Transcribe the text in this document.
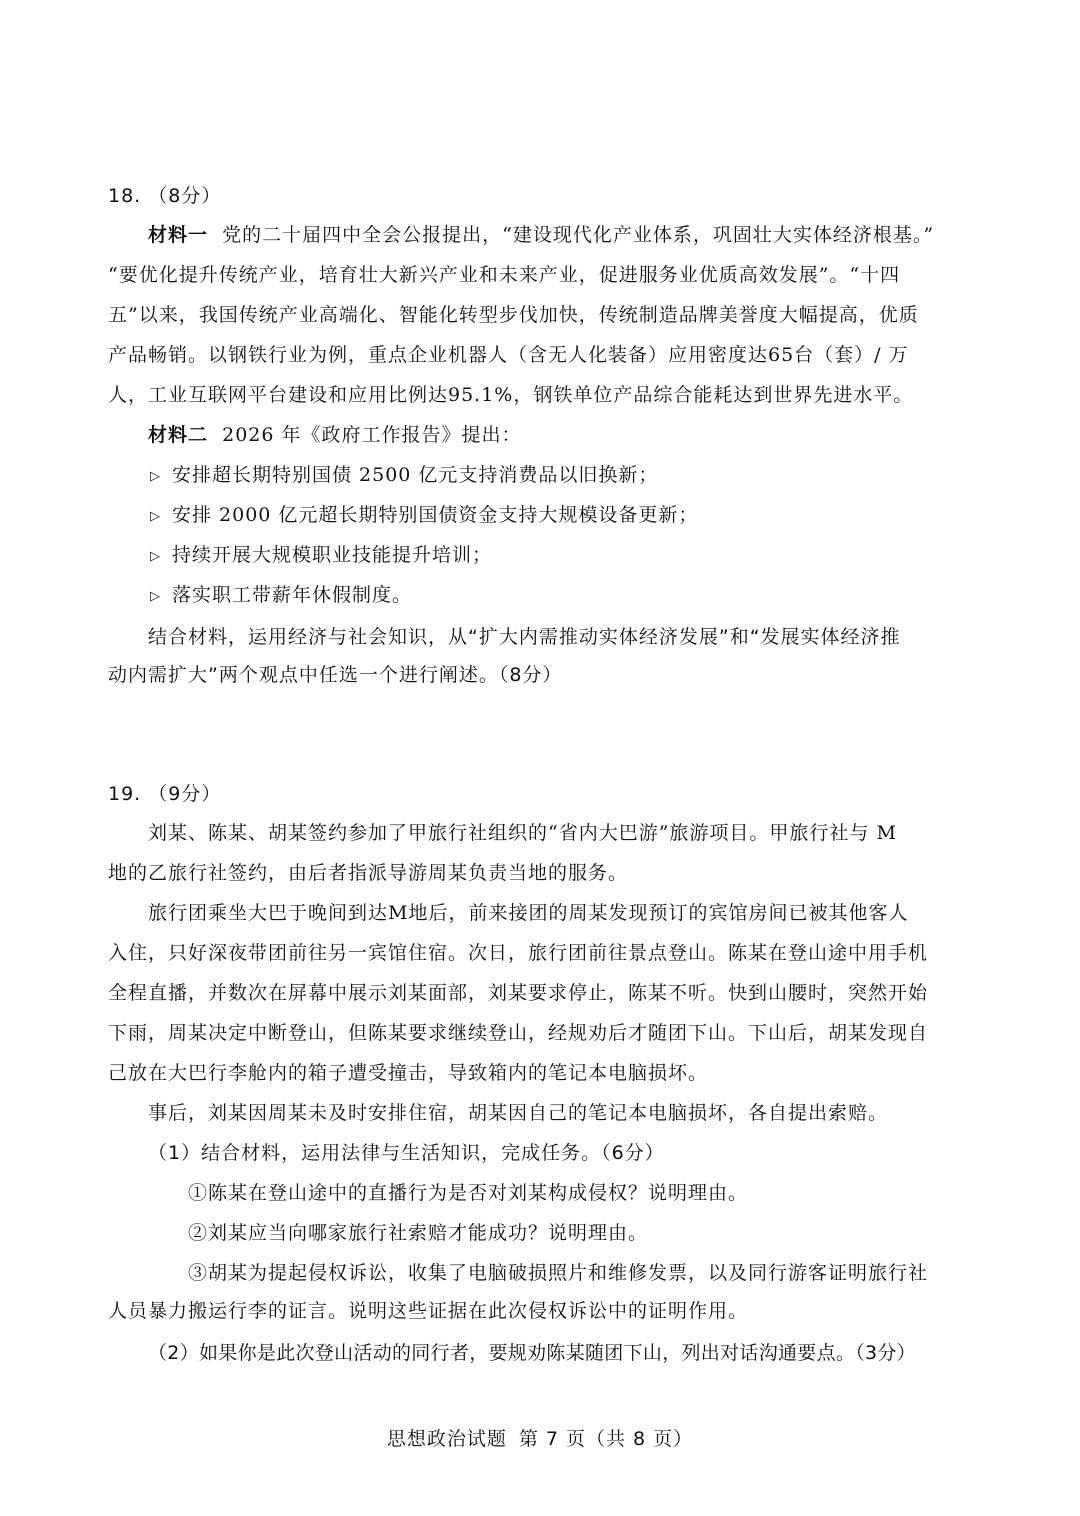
18. （8分）
材料一 党的二十届四中全会公报提出，“建设现代化产业体系，巩固壮大实体经济根基。”
“要优化提升传统产业，培育壮大新兴产业和未来产业，促进服务业优质高效发展”。“十四
五”以来，我国传统产业高端化、智能化转型步伐加快，传统制造品牌美誉度大幅提高，优质
产品畅销。以钢铁行业为例，重点企业机器人（含无人化装备）应用密度达65台（套）/ 万
人，工业互联网平台建设和应用比例达95.1%，钢铁单位产品综合能耗达到世界先进水平。
材料二 2026 年《政府工作报告》提出：
▷ 安排超长期特别国债 2500 亿元支持消费品以旧换新；
▷ 安排 2000 亿元超长期特别国债资金支持大规模设备更新；
▷ 持续开展大规模职业技能提升培训；
▷ 落实职工带薪年休假制度。
结合材料，运用经济与社会知识，从“扩大内需推动实体经济发展”和“发展实体经济推
动内需扩大”两个观点中任选一个进行阐述。（8分）
19. （9分）
刘某、陈某、胡某签约参加了甲旅行社组织的“省内大巴游”旅游项目。甲旅行社与 M
地的乙旅行社签约，由后者指派导游周某负责当地的服务。
旅行团乘坐大巴于晚间到达M地后，前来接团的周某发现预订的宾馆房间已被其他客人
入住，只好深夜带团前往另一宾馆住宿。次日，旅行团前往景点登山。陈某在登山途中用手机
全程直播，并数次在屏幕中展示刘某面部，刘某要求停止，陈某不听。快到山腰时，突然开始
下雨，周某决定中断登山，但陈某要求继续登山，经规劝后才随团下山。下山后，胡某发现自
己放在大巴行李舱内的箱子遭受撞击，导致箱内的笔记本电脑损坏。
事后，刘某因周某未及时安排住宿，胡某因自己的笔记本电脑损坏，各自提出索赔。
（1）结合材料，运用法律与生活知识，完成任务。（6分）
①陈某在登山途中的直播行为是否对刘某构成侵权？说明理由。
②刘某应当向哪家旅行社索赔才能成功？说明理由。
③胡某为提起侵权诉讼，收集了电脑破损照片和维修发票，以及同行游客证明旅行社
人员暴力搬运行李的证言。说明这些证据在此次侵权诉讼中的证明作用。
（2）如果你是此次登山活动的同行者，要规劝陈某随团下山，列出对话沟通要点。（3分）
思想政治试题 第 7 页（共 8 页）
